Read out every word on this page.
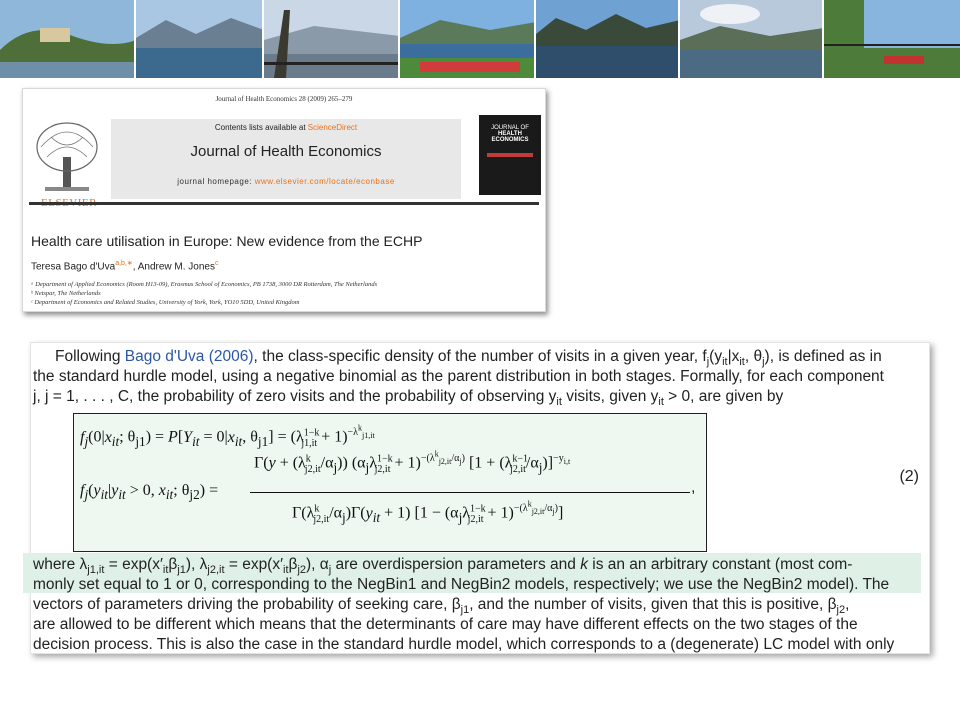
Journal of Health Economics 28 (2009) 265–279
Contents lists available at ScienceDirect
Journal of Health Economics
journal homepage: www.elsevier.com/locate/econbase
JOURNAL OF
HEALTH
ECONOMICS
Health care utilisation in Europe: New evidence from the ECHP
Teresa Bago d'Uva$^{a,b,∗}$, Andrew M. Jones$^c$
ᵃ Department of Applied Economics (Room H13-09), Erasmus School of Economics, PB 1738, 3000 DR Rotterdam, The Netherlands
ᵇ Netspar, The Netherlands
ᶜ Department of Economics and Related Studies, University of York, York, YO10 5DD, United Kingdom
Following Bago d'Uva (2006), the class-specific density of the number of visits in a given year, $f_j(y_{it}|x_{it}$, $\theta_j$), is defined as in
the standard hurdle model, using a negative binomial as the parent distribution in both stages. Formally, for each component
j, j = 1, . . . , C, the probability of zero visits and the probability of observing $y_{it}$ visits, given $y_{it} > 0$, are given by
$f_j(0|x_{it}$; $\theta_{j1}) = P[Y_{it} = 0|x_{it}$, $\theta_{j1}] = (\lambda^{1-k}_{j1,it} + 1)^{-\lambda^k_{j1,it}}$
$\Gamma(y + (\lambda^k_{j2,it}/\alpha_j))$ $(\alpha_j\lambda^{1-k}_{j2,it} + 1)^{-(\lambda^k_{j2,it}/\alpha_j)}$ $[1 + (\lambda^{k-1}_{j2,it}/\alpha_j)]^{-y_{i,t}}$
$f_j(y_{it}|y_{it} > 0$, $x_{it}$; $\theta_{j2}$) =
$\Gamma(\lambda^k_{j2,it}/\alpha_j)\Gamma(y_{it} + 1) [1 - (\alpha_j\lambda^{1-k}_{j2,it} + 1)^{-(\lambda^k_{j2,it}/\alpha_j)}]$
,
(2)
where $\lambda_{j1,it} = \exp(x'_{it}\beta_{j1})$, $\lambda_{j2,it} = \exp(x'_{it}\beta_{j2})$, $\alpha_j$ are overdispersion parameters and k is an an arbitrary constant (most com-
monly set equal to 1 or 0, corresponding to the NegBin1 and NegBin2 models, respectively; we use the NegBin2 model). The
vectors of parameters driving the probability of seeking care, $\beta_{j1}$, and the number of visits, given that this is positive, $\beta_{j2}$,
are allowed to be different which means that the determinants of care may have different effects on the two stages of the
decision process. This is also the case in the standard hurdle model, which corresponds to a (degenerate) LC model with only
